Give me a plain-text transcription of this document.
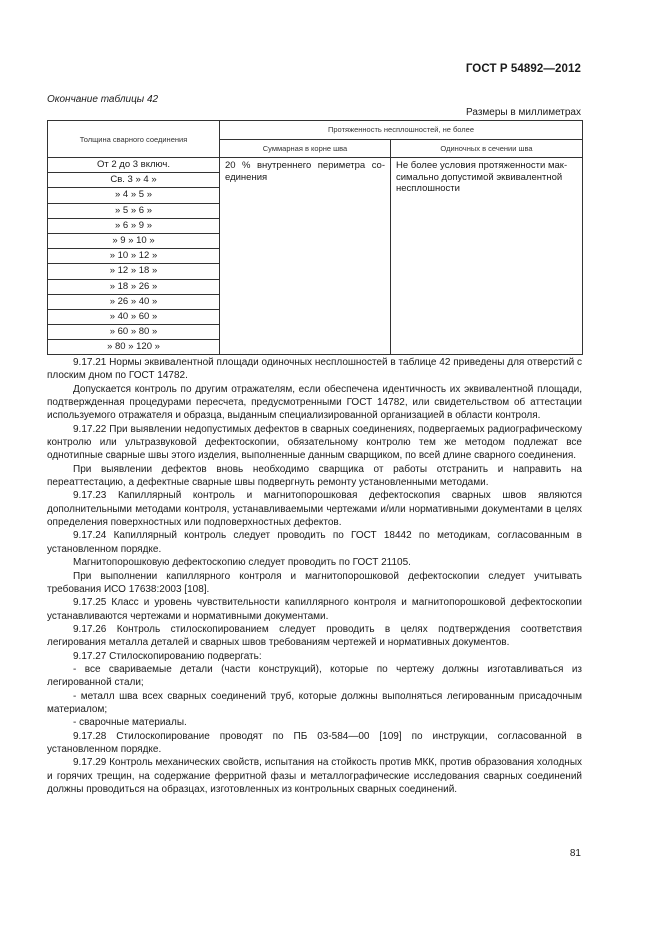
ГОСТ Р 54892—2012
Окончание таблицы 42
Размеры в миллиметрах
Толщина сварного соединения	Протяженность несплошностей, не более	
	Суммарная в корне шва	Одиночных в сечении шва
От 2 до 3 включ.	20 % внутреннего периметра со-единения	Не более условия протяженности мак-симально допустимой эквивалентной несплошности
Св. 3 » 4 »		
» 4 » 5 »		
» 5 » 6 »		
» 6 » 9 »		
» 9 » 10 »		
» 10 » 12 »		
» 12 » 18 »		
» 18 » 26 »		
» 26 » 40 »		
» 40 » 60 »		
» 60 » 80 »		
» 80 » 120 »		

9.17.21 Нормы эквивалентной площади одиночных несплошностей в таблице 42 приведены для отверстий с плоским дном по ГОСТ 14782.

Допускается контроль по другим отражателям, если обеспечена идентичность их эквивалентной площади, подтвержденная процедурами пересчета, предусмотренными ГОСТ 14782, или свидетельством об аттестации используемого отражателя и образца, выданным специализированной организацией в области контроля.

9.17.22 При выявлении недопустимых дефектов в сварных соединениях, подвергаемых радиографическому контролю или ультразвуковой дефектоскопии, обязательному контролю тем же методом подлежат все однотипные сварные швы этого изделия, выполненные данным сварщиком, по всей длине сварного соединения.

При выявлении дефектов вновь необходимо сварщика от работы отстранить и направить на переаттестацию, а дефектные сварные швы подвергнуть ремонту установленными методами.

9.17.23 Капиллярный контроль и магнитопорошковая дефектоскопия сварных швов являются дополнительными методами контроля, устанавливаемыми чертежами и/или нормативными документами в целях определения поверхностных или подповерхностных дефектов.

9.17.24 Капиллярный контроль следует проводить по ГОСТ 18442 по методикам, согласованным в установленном порядке.

Магнитопорошковую дефектоскопию следует проводить по ГОСТ 21105.

При выполнении капиллярного контроля и магнитопорошковой дефектоскопии следует учитывать требования ИСО 17638:2003 [108].

9.17.25 Класс и уровень чувствительности капиллярного контроля и магнитопорошковой дефектоскопии устанавливаются чертежами и нормативными документами.

9.17.26 Контроль стилоскопированием следует проводить в целях подтверждения соответствия легирования металла деталей и сварных швов требованиям чертежей и нормативных документов.

9.17.27 Стилоскопированию подвергать:

- все свариваемые детали (части конструкций), которые по чертежу должны изготавливаться из легированной стали;

- металл шва всех сварных соединений труб, которые должны выполняться легированным присадочным материалом;

- сварочные материалы.

9.17.28 Стилоскопирование проводят по ПБ 03-584—00 [109] по инструкции, согласованной в установленном порядке.

9.17.29 Контроль механических свойств, испытания на стойкость против МКК, против образования холодных и горячих трещин, на содержание ферритной фазы и металлографические исследования сварных соединений должны проводиться на образцах, изготовленных из контрольных сварных соединений.

81
